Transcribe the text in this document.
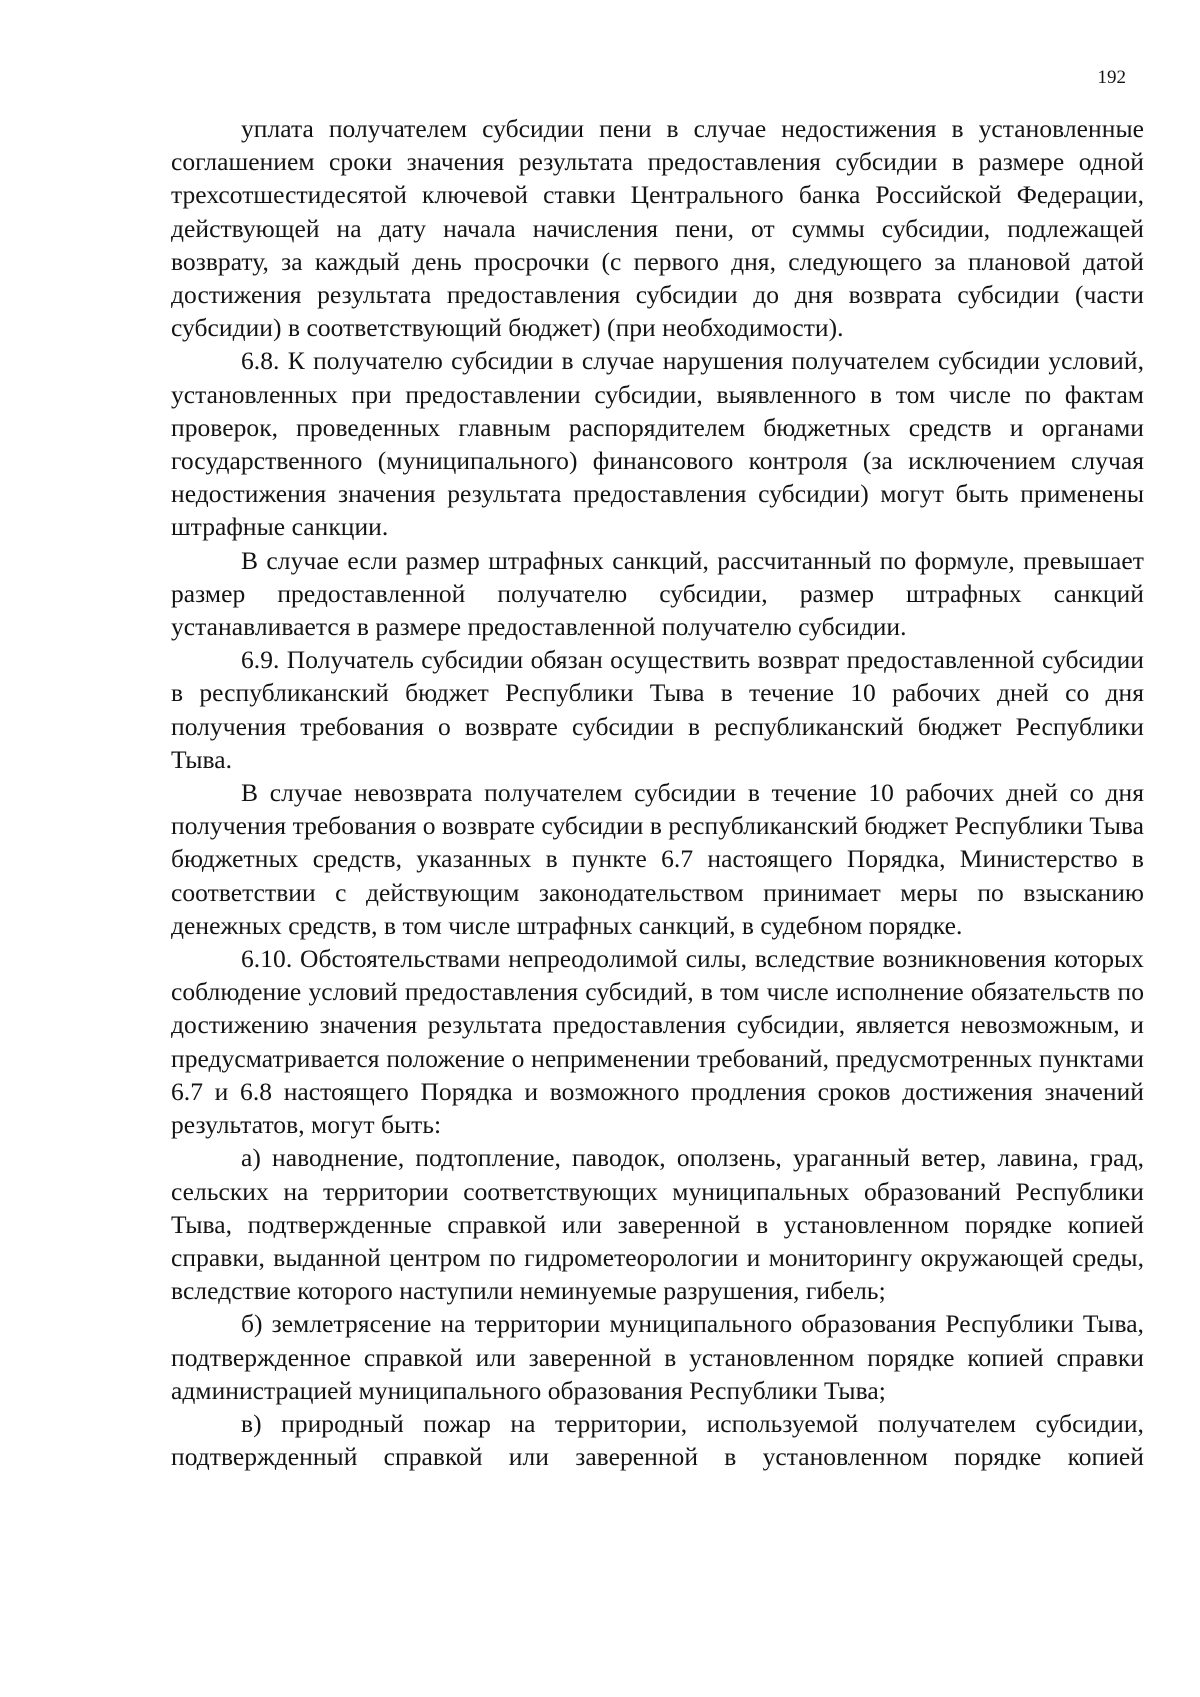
192

уплата получателем субсидии пени в случае недостижения в установленные соглашением сроки значения результата предоставления субсидии в размере одной трехсотшестидесятой ключевой ставки Центрального банка Российской Федерации, действующей на дату начала начисления пени, от суммы субсидии, подлежащей возврату, за каждый день просрочки (с первого дня, следующего за плановой датой достижения результата предоставления субсидии до дня возврата субсидии (части субсидии) в соответствующий бюджет) (при необходимости).

6.8. К получателю субсидии в случае нарушения получателем субсидии условий, установленных при предоставлении субсидии, выявленного в том числе по фактам проверок, проведенных главным распорядителем бюджетных средств и органами государственного (муниципального) финансового контроля (за исключением случая недостижения значения результата предоставления субсидии) могут быть применены штрафные санкции.

В случае если размер штрафных санкций, рассчитанный по формуле, превышает размер предоставленной получателю субсидии, размер штрафных санкций устанавливается в размере предоставленной получателю субсидии.

6.9. Получатель субсидии обязан осуществить возврат предоставленной субсидии в республиканский бюджет Республики Тыва в течение 10 рабочих дней со дня получения требования о возврате субсидии в республиканский бюджет Республики Тыва.

В случае невозврата получателем субсидии в течение 10 рабочих дней со дня получения требования о возврате субсидии в республиканский бюджет Республики Тыва бюджетных средств, указанных в пункте 6.7 настоящего Порядка, Министерство в соответствии с действующим законодательством принимает меры по взысканию денежных средств, в том числе штрафных санкций, в судебном порядке.

6.10. Обстоятельствами непреодолимой силы, вследствие возникновения которых соблюдение условий предоставления субсидий, в том числе исполнение обязательств по достижению значения результата предоставления субсидии, является невозможным, и предусматривается положение о неприменении требований, предусмотренных пунктами 6.7 и 6.8 настоящего Порядка и возможного продления сроков достижения значений результатов, могут быть:

а) наводнение, подтопление, паводок, оползень, ураганный ветер, лавина, град, сельских на территории соответствующих муниципальных образований Республики Тыва, подтвержденные справкой или заверенной в установленном порядке копией справки, выданной центром по гидрометеорологии и мониторингу окружающей среды, вследствие которого наступили неминуемые разрушения, гибель;

б) землетрясение на территории муниципального образования Республики Тыва, подтвержденное справкой или заверенной в установленном порядке копией справки администрацией муниципального образования Республики Тыва;

в) природный пожар на территории, используемой получателем субсидии, подтвержденный справкой или заверенной в установленном порядке копией
